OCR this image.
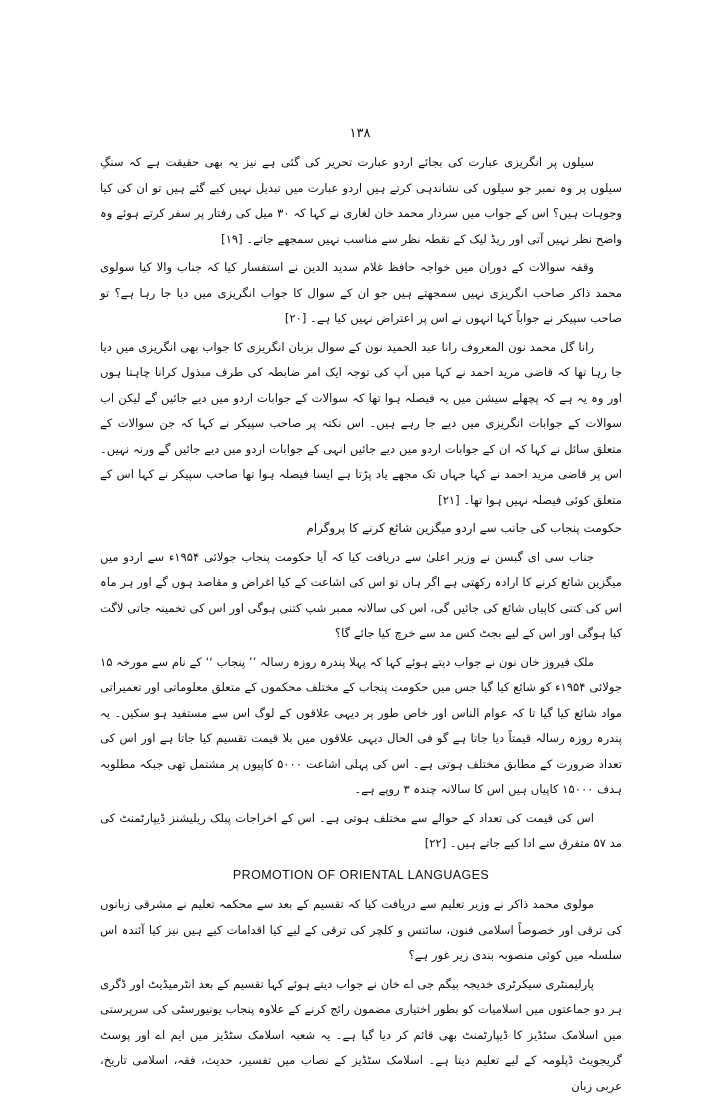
۱۳۸
سیلوں پر انگریزی عبارت کی بجائے اردو عبارت تحریر کی گئی ہے نیز یہ بھی حقیقت ہے کہ سنگِ سیلوں پر وہ نمبر جو سیلوں کی نشاندہی کرتے ہیں اردو عبارت میں تبدیل نہیں کیے گئے ہیں تو ان کی کیا وجوہات ہیں؟ اس کے جواب میں سردار محمد خان لغاری نے کہا کہ ۳۰ میل کی رفتار پر سفر کرتے ہوئے وہ واضح نظر نہیں آتی اور ریڈ لیک کے نقطہ نظر سے مناسب نہیں سمجھے جاتے۔ [۱۹]
وقفہ سوالات کے دوران میں خواجہ حافظ غلام سدید الدین نے استفسار کیا کہ جناب والا کیا سولوی محمد ذاکر صاحب انگریزی نہیں سمجھتے ہیں جو ان کے سوال کا جواب انگریزی میں دیا جا رہا ہے؟ تو صاحب سپیکر نے جواباً کہا انہوں نے اس پر اعتراض نہیں کیا ہے۔ [۲۰]
رانا گل محمد نون المعروف رانا عبد الحمید نون کے سوال بزبان انگریزی کا جواب بھی انگریزی میں دیا جا رہا تھا کہ قاضی مرید احمد نے کہا میں آپ کی توجہ ایک امر ضابطہ کی طرف مبذول کرانا چاہتا ہوں اور وہ یہ ہے کہ پچھلے سیشن میں یہ فیصلہ ہوا تھا کہ سوالات کے جوابات اردو میں دیے جائیں گے لیکن اب سوالات کے جوابات انگریزی میں دیے جا رہے ہیں۔ اس نکتہ پر صاحب سپیکر نے کہا کہ جن سوالات کے متعلق سائل نے کہا کہ ان کے جوابات اردو میں دیے جائیں انہی کے جوابات اردو میں دیے جائیں گے ورنہ نہیں۔ اس پر قاضی مرید احمد نے کہا جہاں تک مجھے یاد پڑتا ہے ایسا فیصلہ ہوا تھا صاحب سپیکر نے کہا اس کے متعلق کوئی فیصلہ نہیں ہوا تھا۔ [۲۱]
حکومت پنجاب کی جانب سے اردو میگزین شائع کرنے کا پروگرام
جناب سی ای گبسن نے وزیر اعلیٰ سے دریافت کیا کہ آیا حکومت پنجاب جولائی ۱۹۵۴ء سے اردو میں میگزین شائع کرنے کا ارادہ رکھتی ہے اگر ہاں تو اس کی اشاعت کے کیا اغراض و مقاصد ہوں گے اور ہر ماہ اس کی کتنی کاپیاں شائع کی جائیں گی، اس کی سالانہ ممبر شپ کتنی ہوگی اور اس کی تخمینہ جاتی لاگت کیا ہوگی اور اس کے لیے بجٹ کس مد سے خرچ کیا جائے گا؟
ملک فیروز خان نون نے جواب دیتے ہوئے کہا کہ پہلا پندرہ روزہ رسالہ ’’ پنجاب ‘‘ کے نام سے مورخہ ۱۵ جولائی ۱۹۵۴ء کو شائع کیا گیا جس میں حکومت پنجاب کے مختلف محکموں کے متعلق معلوماتی اور تعمیراتی مواد شائع کیا گیا تا کہ عوام الناس اور خاص طور پر دیہی علاقوں کے لوگ اس سے مستفید ہو سکیں۔ یہ پندرہ روزہ رسالہ قیمتاً دیا جاتا ہے گو فی الحال دیہی علاقوں میں بلا قیمت تقسیم کیا جاتا ہے اور اس کی تعداد ضرورت کے مطابق مختلف ہوتی ہے۔ اس کی پہلی اشاعت ۵۰۰۰ کاپیوں پر مشتمل تھی جبکہ مطلوبہ ہدف ۱۵۰۰۰ کاپیاں ہیں اس کا سالانہ چندہ ۳ روپے ہے۔
اس کی قیمت کی تعداد کے حوالے سے مختلف ہوتی ہے۔ اس کے اخراجات پبلک ریلیشنز ڈیپارٹمنٹ کی مد ۵۷ متفرق سے ادا کیے جاتے ہیں۔ [۲۲]
PROMOTION OF ORIENTAL LANGUAGES
مولوی محمد ذاکر نے وزیر تعلیم سے دریافت کیا کہ تقسیم کے بعد سے محکمہ تعلیم نے مشرقی زبانوں کی ترقی اور خصوصاً اسلامی فنون، سائنس و کلچر کی ترقی کے لیے کیا اقدامات کیے ہیں نیز کیا آئندہ اس سلسلہ میں کوئی منصوبہ بندی زیر غور ہے؟
پارلیمنٹری سیکرٹری خدیجہ بیگم جی اے خان نے جواب دیتے ہوئے کہا تقسیم کے بعد انٹرمیڈیٹ اور ڈگری ہر دو جماعتوں میں اسلامیات کو بطور اختیاری مضمون رائج کرنے کے علاوہ پنجاب یونیورسٹی کی سرپرستی میں اسلامک سٹڈیز کا ڈیپارٹمنٹ بھی قائم کر دیا گیا ہے۔ یہ شعبہ اسلامک سٹڈیز میں ایم اے اور پوسٹ گریجویٹ ڈپلومہ کے لیے تعلیم دیتا ہے۔ اسلامک سٹڈیز کے نصاب میں تفسیر، حدیث، فقہ، اسلامی تاریخ، عربی زبان
